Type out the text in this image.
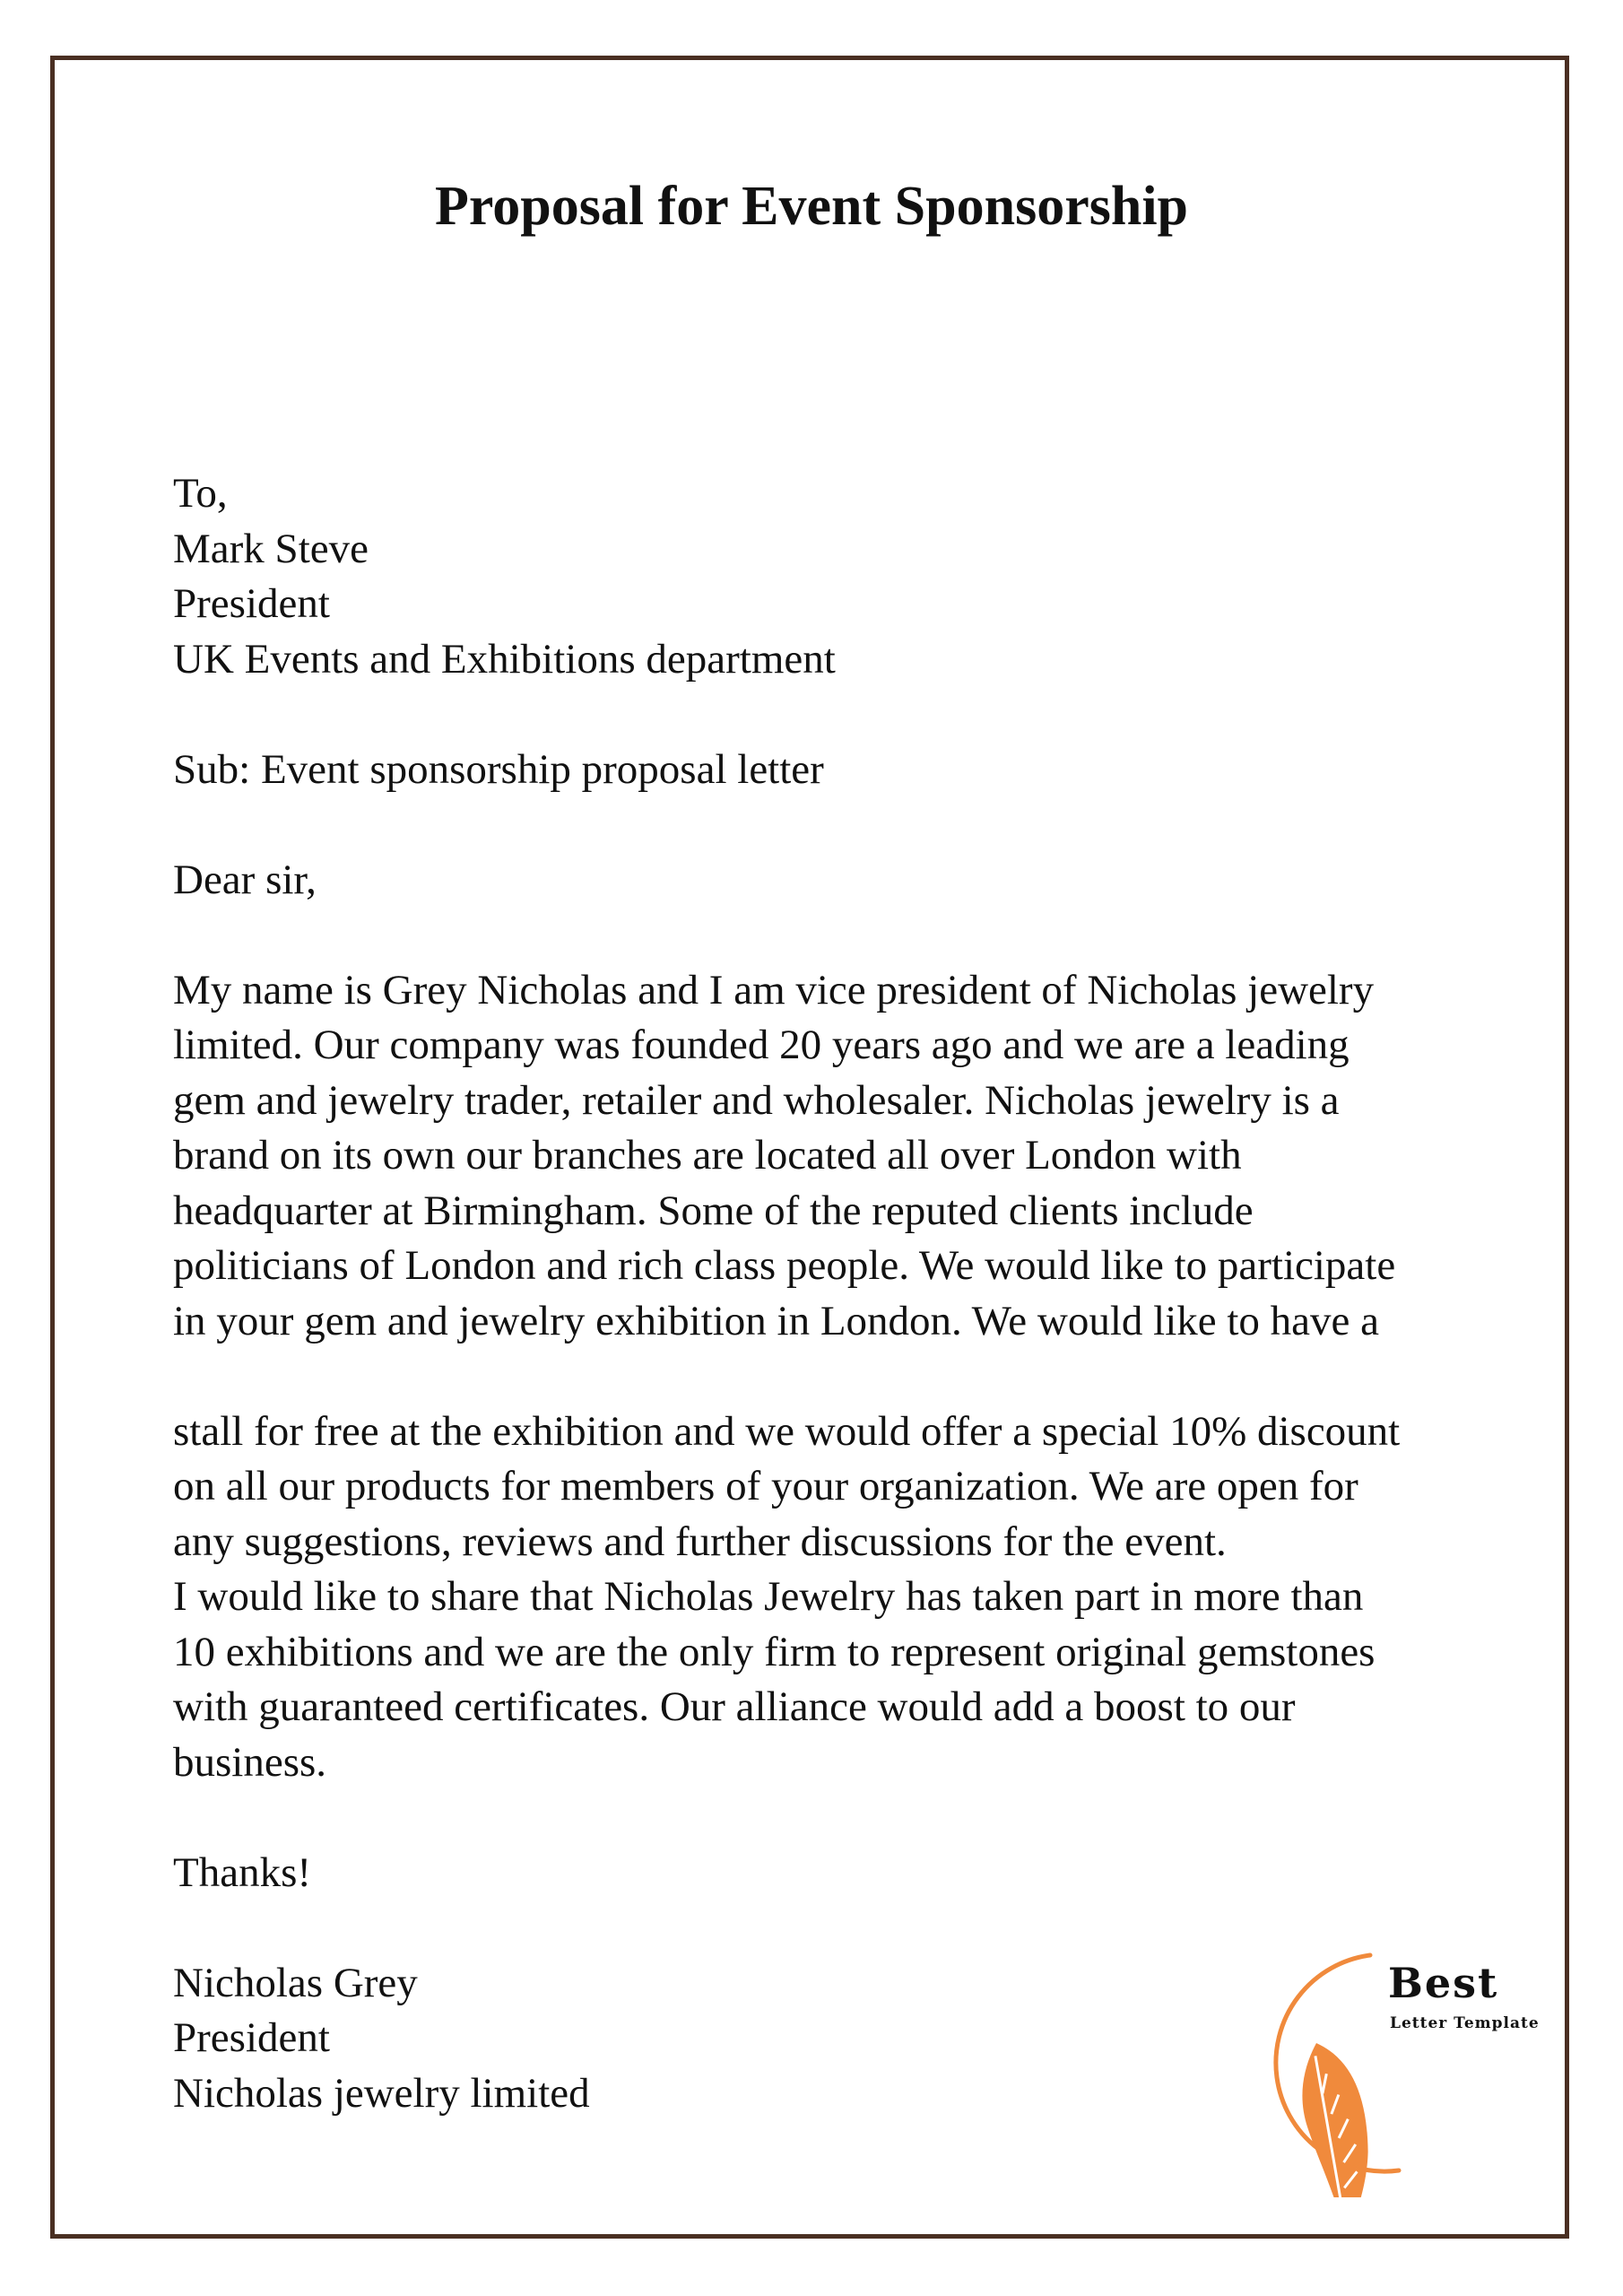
Proposal for Event Sponsorship
To,
Mark Steve
President
UK Events and Exhibitions department
Sub: Event sponsorship proposal letter
Dear sir,
My name is Grey Nicholas and I am vice president of Nicholas jewelry
limited. Our company was founded 20 years ago and we are a leading
gem and jewelry trader, retailer and wholesaler. Nicholas jewelry is a
brand on its own our branches are located all over London with
headquarter at Birmingham. Some of the reputed clients include
politicians of London and rich class people. We would like to participate
in your gem and jewelry exhibition in London. We would like to have a
stall for free at the exhibition and we would offer a special 10% discount
on all our products for members of your organization. We are open for
any suggestions, reviews and further discussions for the event.
I would like to share that Nicholas Jewelry has taken part in more than
10 exhibitions and we are the only firm to represent original gemstones
with guaranteed certificates. Our alliance would add a boost to our
business.
Thanks!
Nicholas Grey
President
Nicholas jewelry limited
Best
Letter Template
